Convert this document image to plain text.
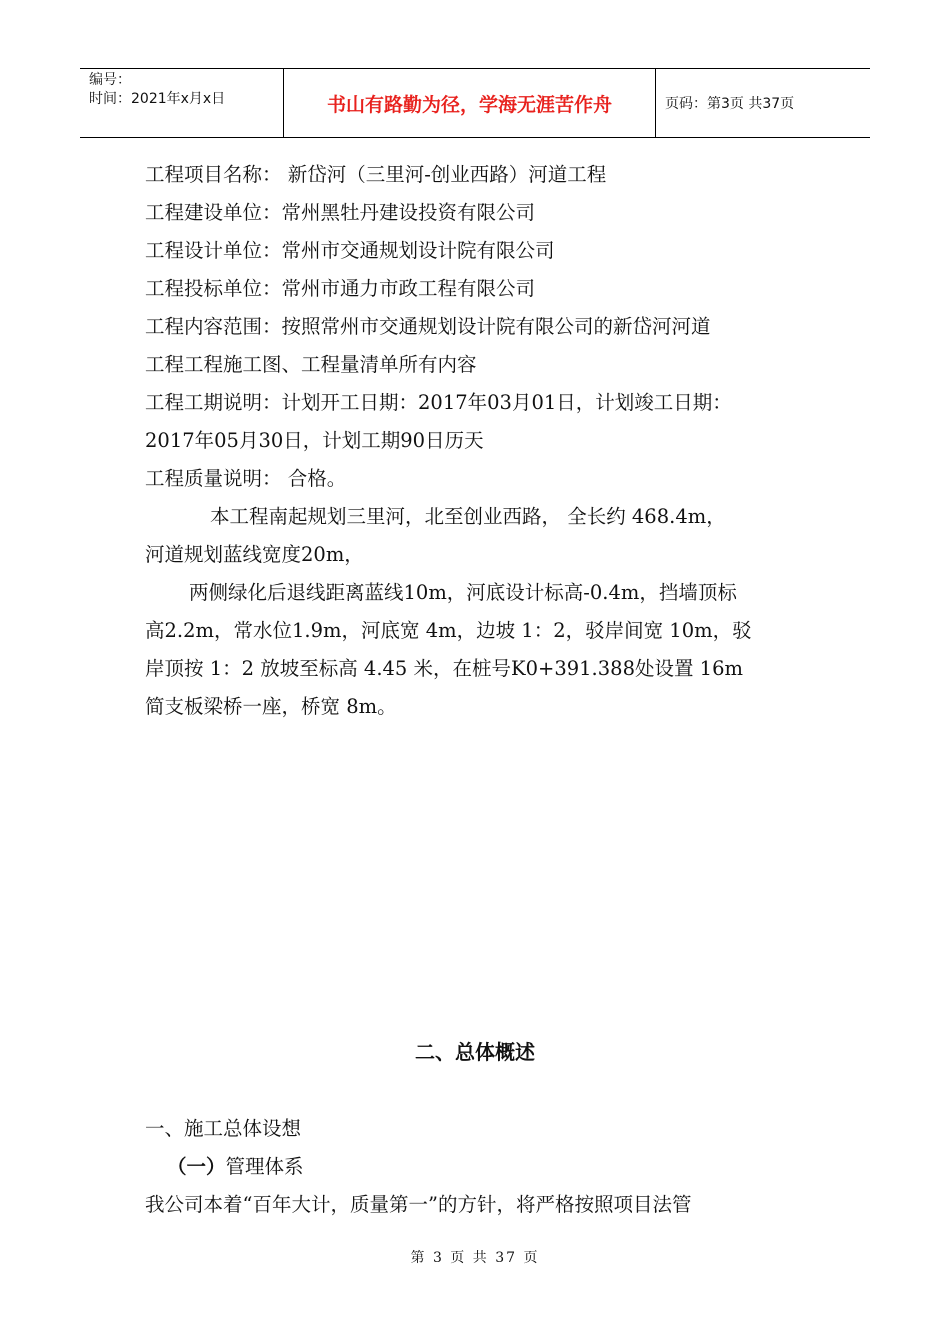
编号：
时间：2021年x月x日	书山有路勤为径，学海无涯苦作舟	页码：第3页 共37页

工程项目名称： 新岱河（三里河-创业西路）河道工程

工程建设单位：常州黑牡丹建设投资有限公司

工程设计单位：常州市交通规划设计院有限公司

工程投标单位：常州市通力市政工程有限公司

工程内容范围：按照常州市交通规划设计院有限公司的新岱河河道

工程工程施工图、工程量清单所有内容

工程工期说明：计划开工日期：2017年03月01日，计划竣工日期：

2017年05月30日，计划工期90日历天

工程质量说明： 合格。

本工程南起规划三里河，北至创业西路， 全长约 468.4m，

河道规划蓝线宽度20m，

两侧绿化后退线距离蓝线10m，河底设计标高-0.4m，挡墙顶标

高2.2m，常水位1.9m，河底宽 4m，边坡 1：2，驳岸间宽 10m，驳

岸顶按 1：2 放坡至标高 4.45 米，在桩号K0+391.388处设置 16m

简支板梁桥一座，桥宽 8m。

二、总体概述

一、施工总体设想

（一）管理体系

我公司本着“百年大计，质量第一”的方针，将严格按照项目法管

第 3 页 共 37 页
